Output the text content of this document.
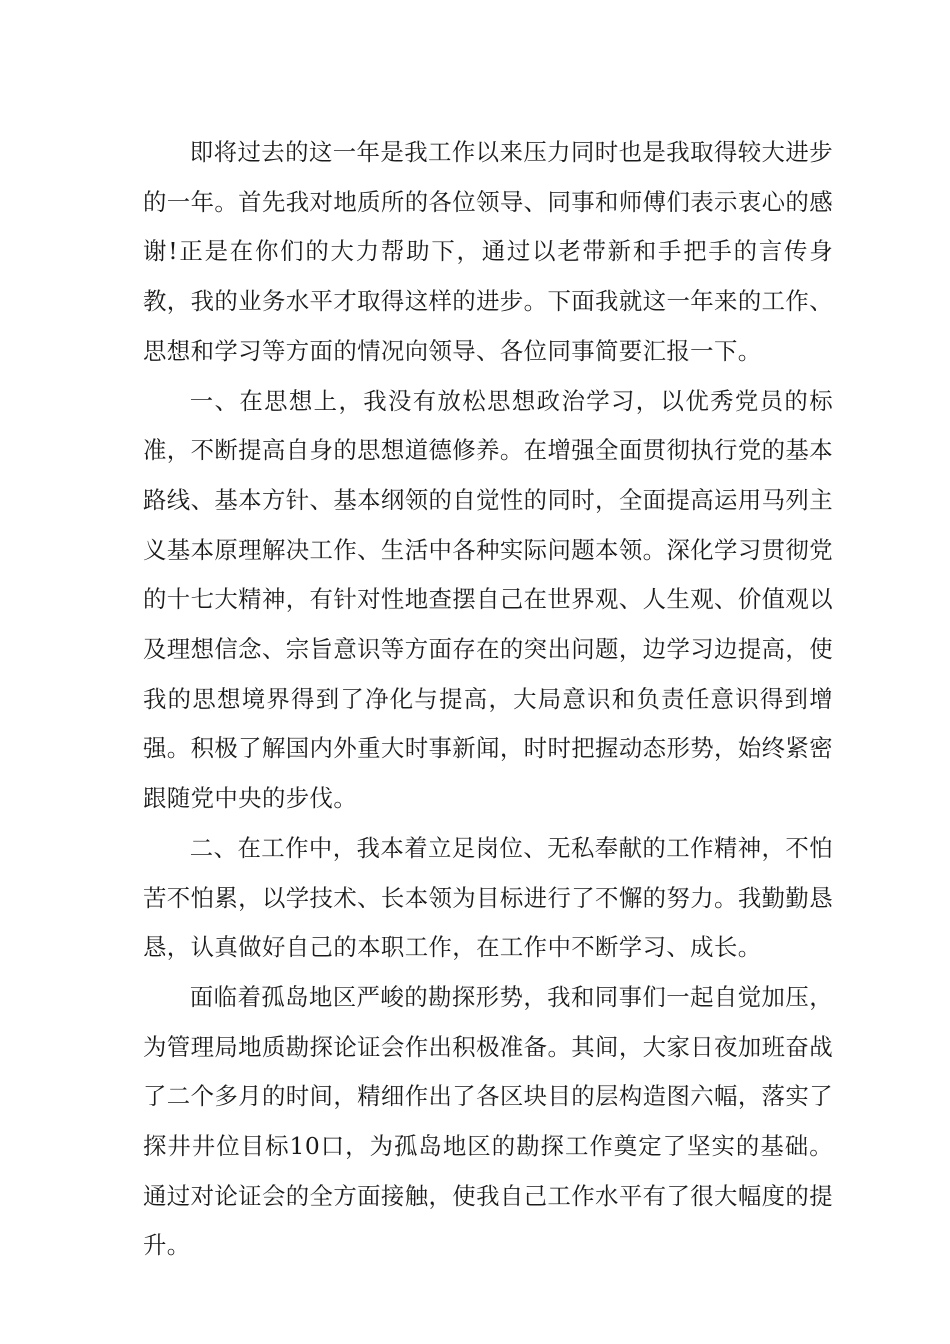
即将过去的这一年是我工作以来压力同时也是我取得较大进步的一年。首先我对地质所的各位领导、同事和师傅们表示衷心的感谢!正是在你们的大力帮助下，通过以老带新和手把手的言传身教，我的业务水平才取得这样的进步。下面我就这一年来的工作、思想和学习等方面的情况向领导、各位同事简要汇报一下。

一、在思想上，我没有放松思想政治学习，以优秀党员的标准，不断提高自身的思想道德修养。在增强全面贯彻执行党的基本路线、基本方针、基本纲领的自觉性的同时，全面提高运用马列主义基本原理解决工作、生活中各种实际问题本领。深化学习贯彻党的十七大精神，有针对性地查摆自己在世界观、人生观、价值观以及理想信念、宗旨意识等方面存在的突出问题，边学习边提高，使我的思想境界得到了净化与提高，大局意识和负责任意识得到增强。积极了解国内外重大时事新闻，时时把握动态形势，始终紧密跟随党中央的步伐。

二、在工作中，我本着立足岗位、无私奉献的工作精神，不怕苦不怕累，以学技术、长本领为目标进行了不懈的努力。我勤勤恳恳，认真做好自己的本职工作，在工作中不断学习、成长。

面临着孤岛地区严峻的勘探形势，我和同事们一起自觉加压，为管理局地质勘探论证会作出积极准备。其间，大家日夜加班奋战了二个多月的时间，精细作出了各区块目的层构造图六幅，落实了探井井位目标10口，为孤岛地区的勘探工作奠定了坚实的基础。通过对论证会的全方面接触，使我自己工作水平有了很大幅度的提升。
